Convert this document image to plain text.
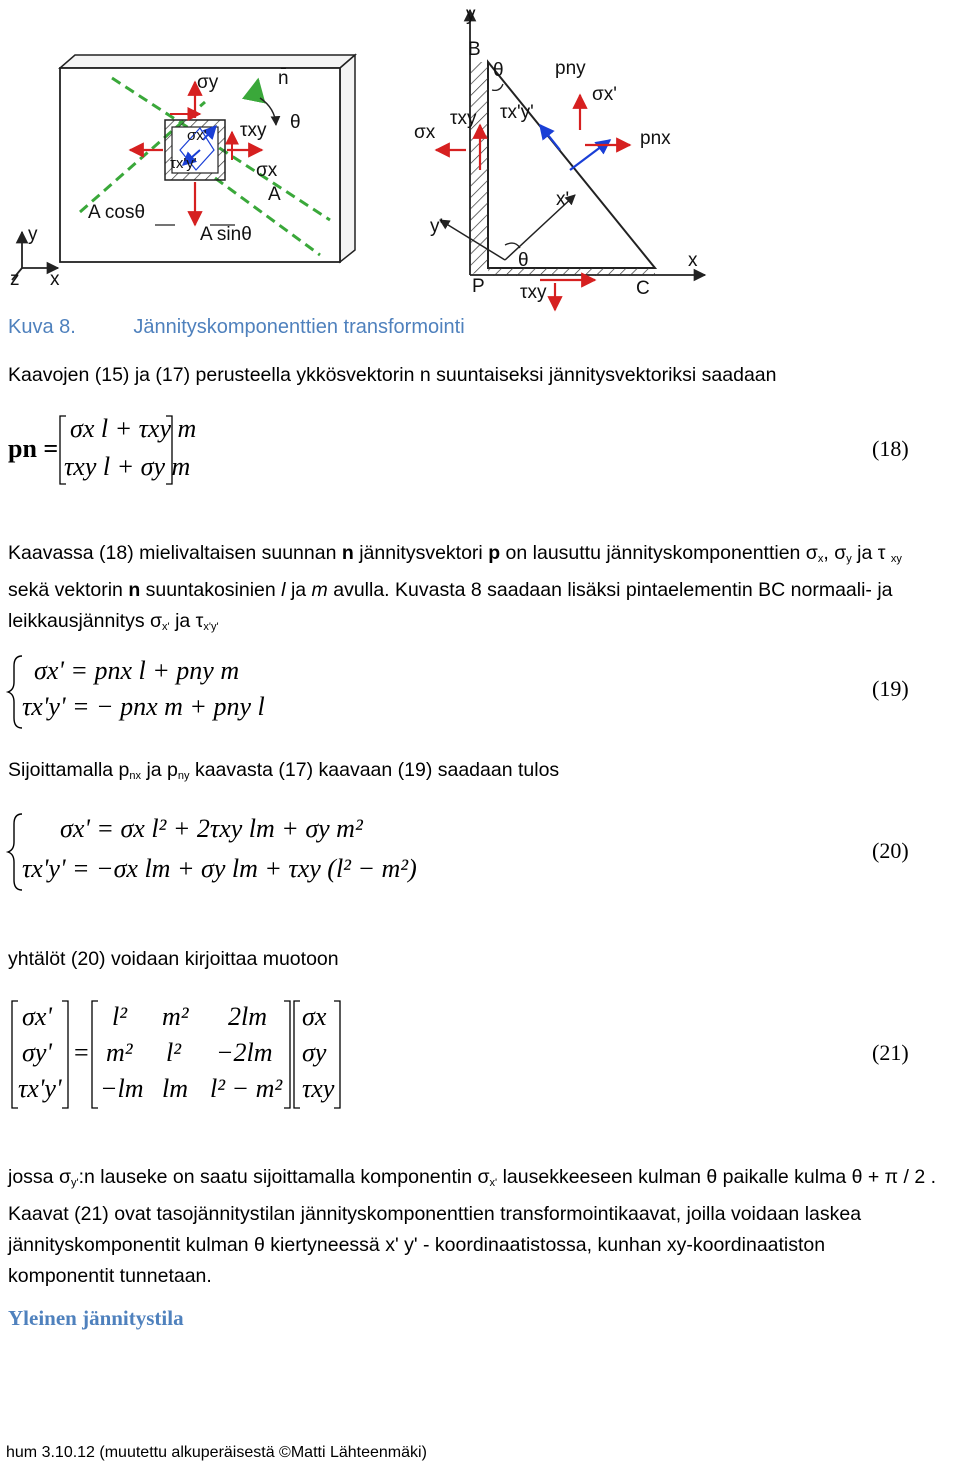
σy	n̄
σx' τxy θ
τx'y'	σx
A
A cosθ
A sinθ
y
z x
y
B
θ	pny
σx'
τx'y'
τxy
σx	pnx
x'
y'
θ	x
P τxy	C
Kuva 8.	Jännityskomponenttien transformointi
Kaavojen (15) ja (17) perusteella ykkösvektorin n suuntaiseksi jännitysvektoriksi saadaan
pn =
σx l + τxy m
τxy l + σy m
(18)
Kaavassa (18) mielivaltaisen suunnan n jännitysvektori p on lausuttu jännityskomponenttien $\sigma_x$, $\sigma_y$ ja τ $_{xy}$
sekä vektorin n suuntakosinien l ja m avulla. Kuvasta 8 saadaan lisäksi pintaelementin BC normaali- ja
leikkausjännitys $\sigma_{x'}$ ja $\tau_{x'y'}$
σx' = pnx l + pny m
τx'y' = − pnx m + pny l
(19)
Sijoittamalla $p_{nx}$ ja $p_{ny}$ kaavasta (17) kaavaan (19) saadaan tulos
σx' = σx l² + 2τxy lm + σy m²
τx'y' = −σx lm + σy lm + τxy (l² − m²)
(20)
yhtälöt (20) voidaan kirjoittaa muotoon
σx'
σy'
τx'y'
=
l² m² 2lm
m² l² −2lm
−lm lm l² − m²
σx
σy
τxy
(21)
jossa $\sigma_{y'}:n$ lauseke on saatu sijoittamalla komponentin $\sigma_{x'}$ lausekkeeseen kulman θ paikalle kulma θ + π / 2 .
Kaavat (21) ovat tasojännitystilan jännityskomponenttien transformointikaavat, joilla voidaan laskea
jännityskomponentit kulman θ kiertyneessä x' y' - koordinaatistossa, kunhan xy-koordinaatiston
komponentit tunnetaan.
Yleinen jännitystila
hum 3.10.12 (muutettu alkuperäisestä ©Matti Lähteenmäki)
